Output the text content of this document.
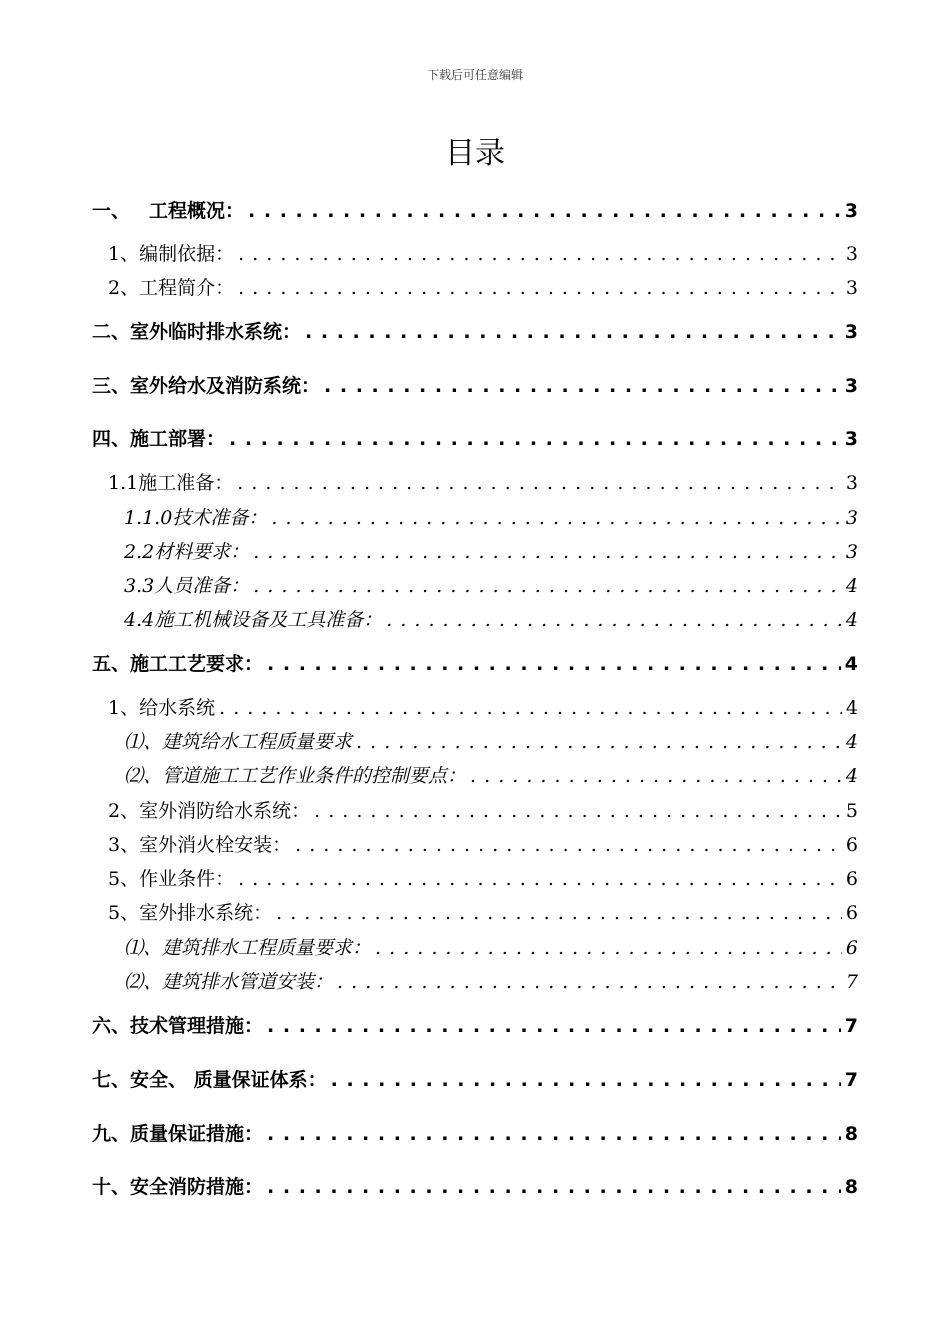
下载后可任意编辑
目录
一、 　工程概况： . . .	3
1、 编制依据： . . .	3
2、 工程简介： . . .	3
二、 室外临时排水系统： . . .	3
三、 室外给水及消防系统： . . .	3
四、 施工部署： . . .	3
1.1 施工准备： . . .	3
1.1.0技术准备： . . .	3
2.2材料要求： . . .	3
3.3人员准备： . . .	4
4.4施工机械设备及工具准备： . . .	4
五、 施工工艺要求： . . .	4
1、 给水系统 . . .	4
⑴、 建筑给水工程质量要求 . . .	4
⑵、 管道施工工艺作业条件的控制要点： . . .	4
2、 室外消防给水系统： . . .	5
3、 室外消火栓安装： . . .	6
5、 作业条件： . . .	6
5、 室外排水系统： . . .	6
⑴、 建筑排水工程质量要求： . . .	6
⑵、 建筑排水管道安装： . . .	7
六、 技术管理措施： . . .	7
七、 安全、 质量保证体系： . . .	7
九、 质量保证措施： . . .	8
十、 安全消防措施： . . .	8
